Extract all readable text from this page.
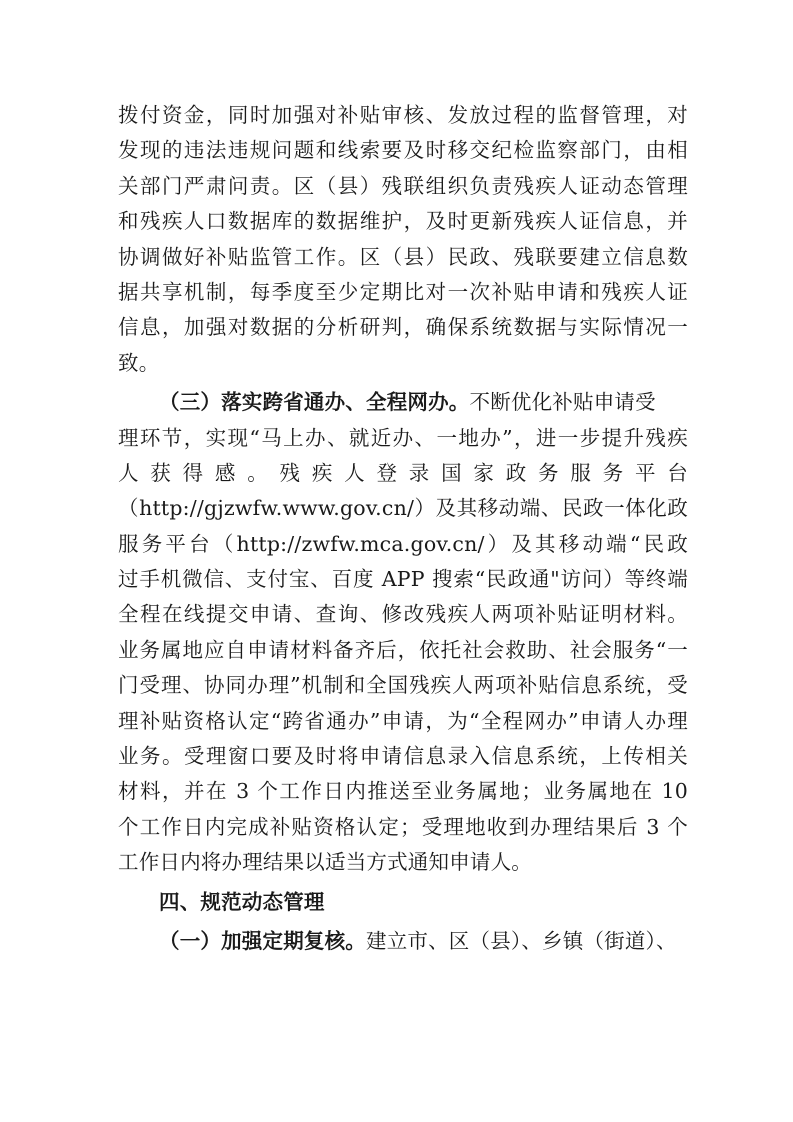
拨付资金，同时加强对补贴审核、发放过程的监督管理，对
发现的违法违规问题和线索要及时移交纪检监察部门，由相
关部门严肃问责。区（县）残联组织负责残疾人证动态管理
和残疾人口数据库的数据维护，及时更新残疾人证信息，并
协调做好补贴监管工作。区（县）民政、残联要建立信息数
据共享机制，每季度至少定期比对一次补贴申请和残疾人证
信息，加强对数据的分析研判，确保系统数据与实际情况一
致。
（三）落实跨省通办、全程网办。不断优化补贴申请受
理环节，实现“马上办、就近办、一地办”，进一步提升残疾
人获得感。残疾人登录国家政务服务平台
（http://gjzwfw.www.gov.cn/）及其移动端、民政一体化政
服务平台（http://zwfw.mca.gov.cn/）及其移动端“民政
过手机微信、支付宝、百度 APP 搜索“民政通"访问）等终端
全程在线提交申请、查询、修改残疾人两项补贴证明材料。
业务属地应自申请材料备齐后，依托社会救助、社会服务“一
门受理、协同办理”机制和全国残疾人两项补贴信息系统，受
理补贴资格认定“跨省通办”申请，为“全程网办”申请人办理
业务。受理窗口要及时将申请信息录入信息系统，上传相关
材料，并在 3 个工作日内推送至业务属地；业务属地在 10
个工作日内完成补贴资格认定；受理地收到办理结果后 3 个
工作日内将办理结果以适当方式通知申请人。
四、规范动态管理
（一）加强定期复核。建立市、区（县）、乡镇（街道）、
